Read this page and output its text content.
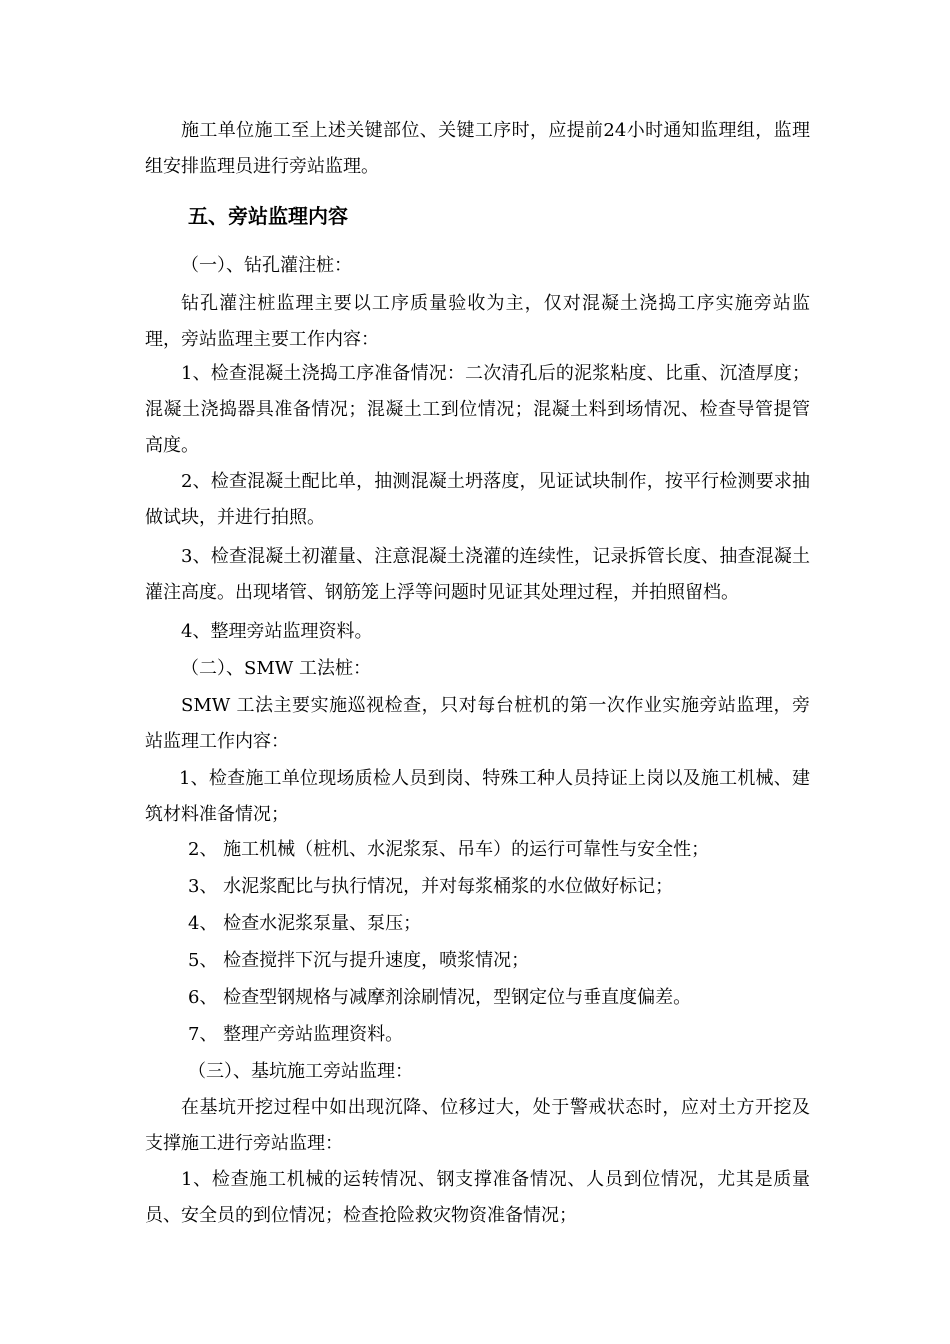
施工单位施工至上述关键部位、关键工序时，应提前24小时通知监理组，监理组安排监理员进行旁站监理。
五、旁站监理内容
（一）、钻孔灌注桩：
钻孔灌注桩监理主要以工序质量验收为主，仅对混凝土浇捣工序实施旁站监理，旁站监理主要工作内容：
1、检查混凝土浇捣工序准备情况：二次清孔后的泥浆粘度、比重、沉渣厚度；混凝土浇捣器具准备情况；混凝土工到位情况；混凝土料到场情况、检查导管提管高度。
2、检查混凝土配比单，抽测混凝土坍落度，见证试块制作，按平行检测要求抽做试块，并进行拍照。
3、检查混凝土初灌量、注意混凝土浇灌的连续性，记录拆管长度、抽查混凝土灌注高度。出现堵管、钢筋笼上浮等问题时见证其处理过程，并拍照留档。
4、整理旁站监理资料。
（二）、SMW 工法桩：
SMW 工法主要实施巡视检查，只对每台桩机的第一次作业实施旁站监理，旁站监理工作内容：
1、检查施工单位现场质检人员到岗、特殊工种人员持证上岗以及施工机械、建筑材料准备情况；
2、 施工机械（桩机、水泥浆泵、吊车）的运行可靠性与安全性；
3、 水泥浆配比与执行情况，并对每浆桶浆的水位做好标记；
4、 检查水泥浆泵量、泵压；
5、 检查搅拌下沉与提升速度，喷浆情况；
6、 检查型钢规格与减摩剂涂刷情况，型钢定位与垂直度偏差。
7、 整理产旁站监理资料。
（三）、基坑施工旁站监理：
在基坑开挖过程中如出现沉降、位移过大，处于警戒状态时，应对土方开挖及支撑施工进行旁站监理：
1、检查施工机械的运转情况、钢支撑准备情况、人员到位情况，尤其是质量员、安全员的到位情况；检查抢险救灾物资准备情况；
